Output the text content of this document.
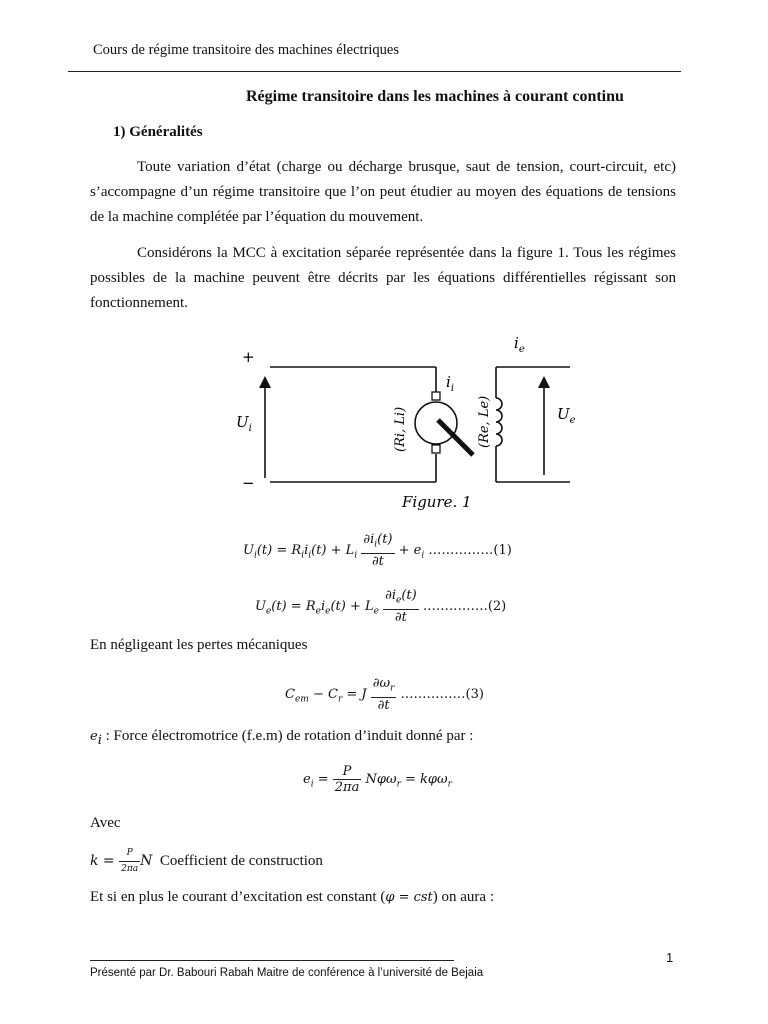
Cours de régime transitoire des machines électriques
Régime transitoire dans les machines à courant continu
1) Généralités
Toute variation d’état (charge ou décharge brusque, saut de tension, court-circuit, etc) s’accompagne d’un régime transitoire que l’on peut étudier au moyen des équations de tensions de la machine complétée par l’équation du mouvement.
Considérons la MCC à excitation séparée représentée dans la figure 1. Tous les régimes possibles de la machine peuvent être décrits par les équations différentielles régissant son fonctionnement.
+
−
$U_i$
$i_i$
(Ri, Li)
$i_e$
$U_e$
(Re, Le)
Figure. 1
$U_i(t) = R_ii_i(t) + L_i \frac{\partial i_i(t)}{\partial t} + e_i$ ……………(1)
$U_e(t) = R_ei_e(t) + L_e \frac{\partial i_e(t)}{\partial t}$ ……………(2)
En négligeant les pertes mécaniques
$C_{em} - C_r = J \frac{\partial\omega_r}{\partial t}$ ……………(3)
$e_i$ : Force électromotrice (f.e.m) de rotation d’induit donné par :
$e_i = \frac{P}{2\pi a} N\varphi\omega_r = k\varphi\omega_r$
Avec
$k = \frac{P}{2\pi a}$ N Coefficient de construction
Et si en plus le courant d’excitation est constant (φ = cst) on aura :
1
Présenté par Dr. Babouri Rabah Maitre de conférence à l’université de Bejaia
